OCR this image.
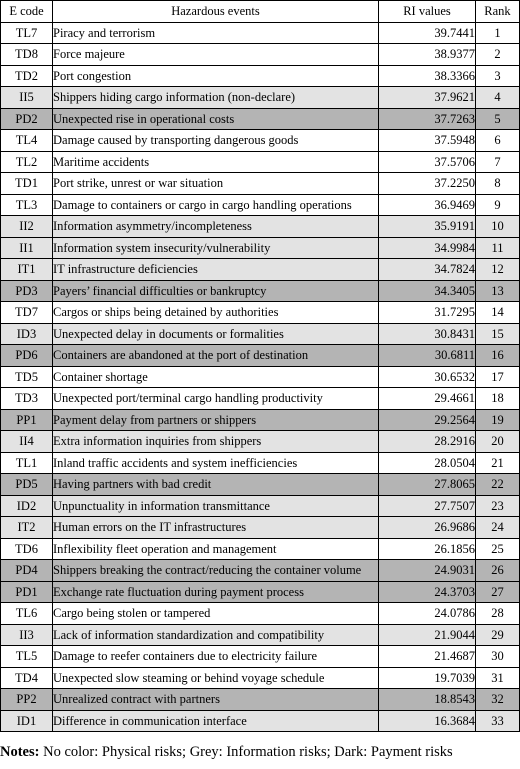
E code	Hazardous events	RI values	Rank
TL7	Piracy and terrorism	39.7441	1
TD8	Force majeure	38.9377	2
TD2	Port congestion	38.3366	3
II5	Shippers hiding cargo information (non-declare)	37.9621	4
PD2	Unexpected rise in operational costs	37.7263	5
TL4	Damage caused by transporting dangerous goods	37.5948	6
TL2	Maritime accidents	37.5706	7
TD1	Port strike, unrest or war situation	37.2250	8
TL3	Damage to containers or cargo in cargo handling operations	36.9469	9
II2	Information asymmetry/incompleteness	35.9191	10
II1	Information system insecurity/vulnerability	34.9984	11
IT1	IT infrastructure deficiencies	34.7824	12
PD3	Payers’ financial difficulties or bankruptcy	34.3405	13
TD7	Cargos or ships being detained by authorities	31.7295	14
ID3	Unexpected delay in documents or formalities	30.8431	15
PD6	Containers are abandoned at the port of destination	30.6811	16
TD5	Container shortage	30.6532	17
TD3	Unexpected port/terminal cargo handling productivity	29.4661	18
PP1	Payment delay from partners or shippers	29.2564	19
II4	Extra information inquiries from shippers	28.2916	20
TL1	Inland traffic accidents and system inefficiencies	28.0504	21
PD5	Having partners with bad credit	27.8065	22
ID2	Unpunctuality in information transmittance	27.7507	23
IT2	Human errors on the IT infrastructures	26.9686	24
TD6	Inflexibility fleet operation and management	26.1856	25
PD4	Shippers breaking the contract/reducing the container volume	24.9031	26
PD1	Exchange rate fluctuation during payment process	24.3703	27
TL6	Cargo being stolen or tampered	24.0786	28
II3	Lack of information standardization and compatibility	21.9044	29
TL5	Damage to reefer containers due to electricity failure	21.4687	30
TD4	Unexpected slow steaming or behind voyage schedule	19.7039	31
PP2	Unrealized contract with partners	18.8543	32
ID1	Difference in communication interface	16.3684	33
Notes: No color: Physical risks; Grey: Information risks; Dark: Payment risks
